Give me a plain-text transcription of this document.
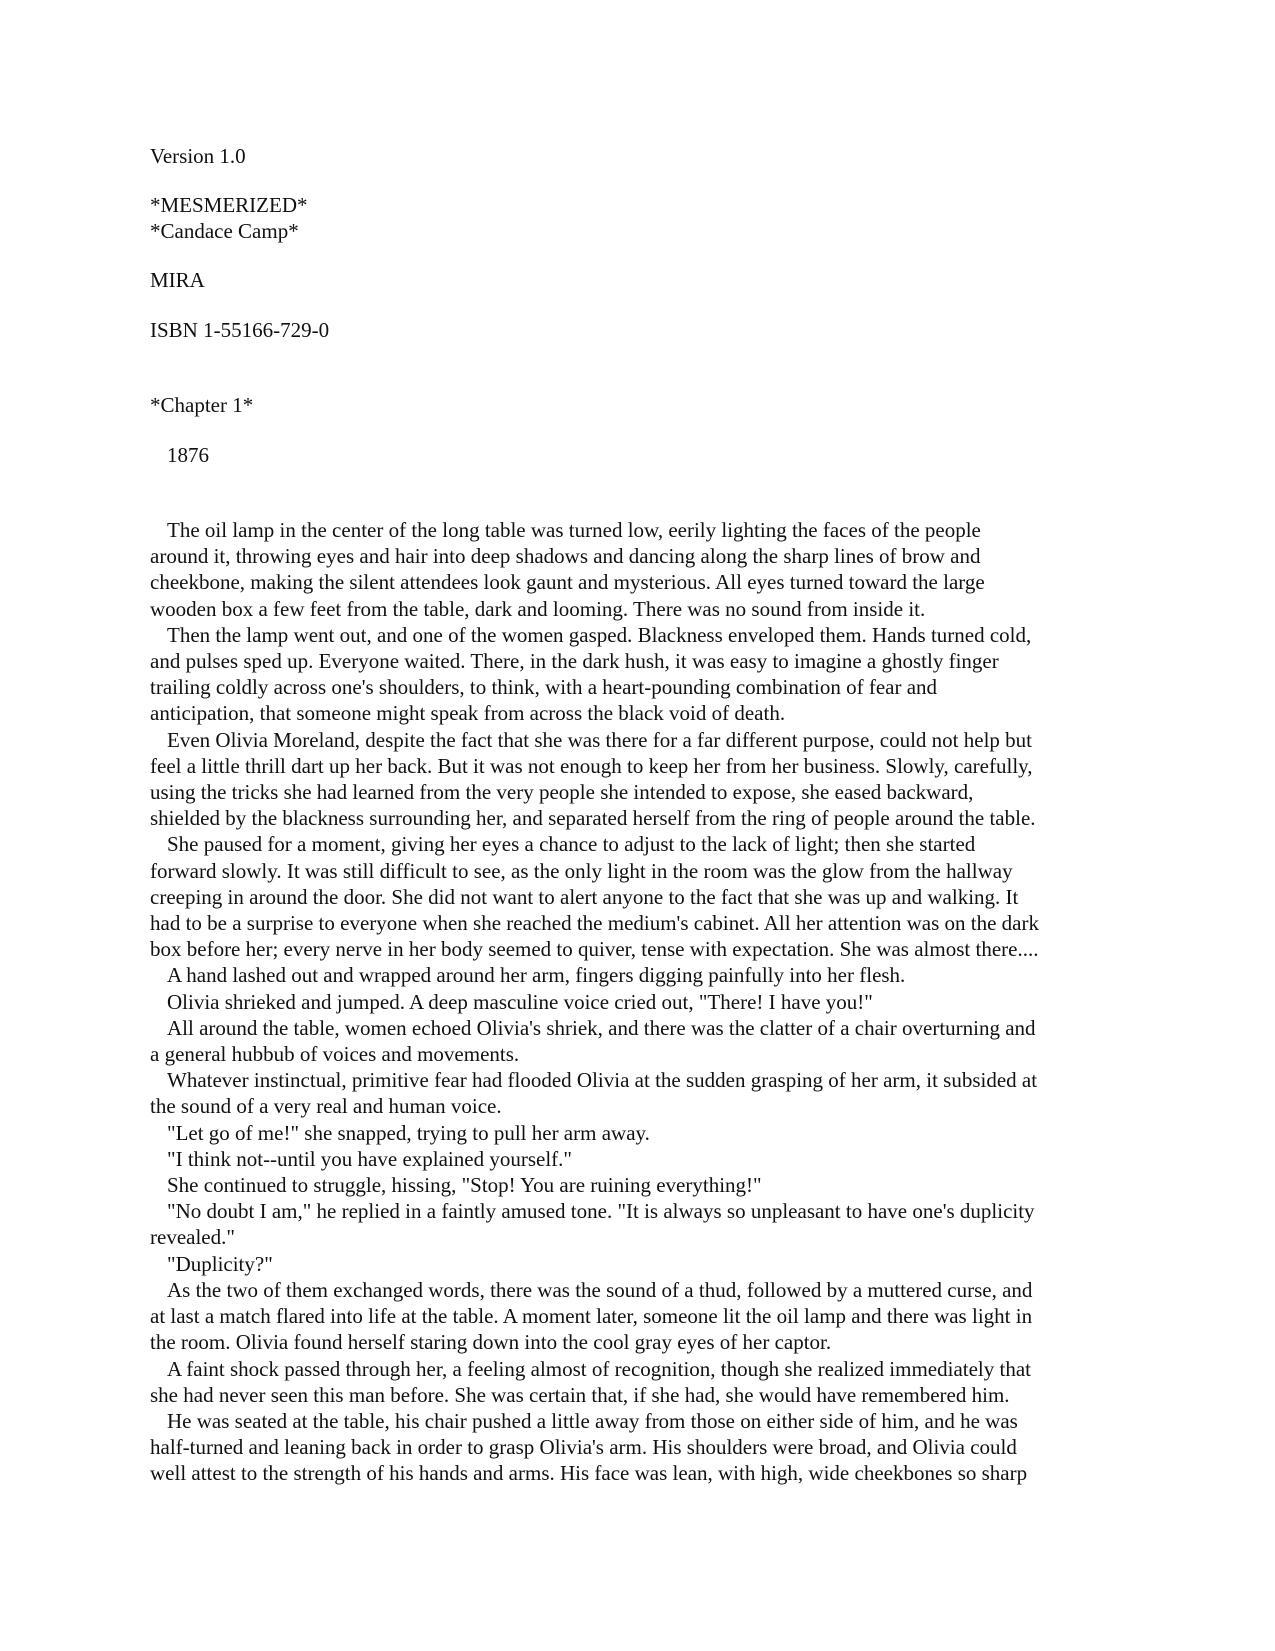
Version 1.0

*MESMERIZED*

*Candace Camp*

MIRA

ISBN 1-55166-729-0

*Chapter 1*

1876

The oil lamp in the center of the long table was turned low, eerily lighting the faces of the people
around it, throwing eyes and hair into deep shadows and dancing along the sharp lines of brow and
cheekbone, making the silent attendees look gaunt and mysterious. All eyes turned toward the large
wooden box a few feet from the table, dark and looming. There was no sound from inside it.

Then the lamp went out, and one of the women gasped. Blackness enveloped them. Hands turned cold,
and pulses sped up. Everyone waited. There, in the dark hush, it was easy to imagine a ghostly finger
trailing coldly across one's shoulders, to think, with a heart-pounding combination of fear and
anticipation, that someone might speak from across the black void of death.

Even Olivia Moreland, despite the fact that she was there for a far different purpose, could not help but
feel a little thrill dart up her back. But it was not enough to keep her from her business. Slowly, carefully,
using the tricks she had learned from the very people she intended to expose, she eased backward,
shielded by the blackness surrounding her, and separated herself from the ring of people around the table.

She paused for a moment, giving her eyes a chance to adjust to the lack of light; then she started
forward slowly. It was still difficult to see, as the only light in the room was the glow from the hallway
creeping in around the door. She did not want to alert anyone to the fact that she was up and walking. It
had to be a surprise to everyone when she reached the medium's cabinet. All her attention was on the dark
box before her; every nerve in her body seemed to quiver, tense with expectation. She was almost there....

A hand lashed out and wrapped around her arm, fingers digging painfully into her flesh.

Olivia shrieked and jumped. A deep masculine voice cried out, "There! I have you!"

All around the table, women echoed Olivia's shriek, and there was the clatter of a chair overturning and
a general hubbub of voices and movements.

Whatever instinctual, primitive fear had flooded Olivia at the sudden grasping of her arm, it subsided at
the sound of a very real and human voice.

"Let go of me!" she snapped, trying to pull her arm away.

"I think not--until you have explained yourself."

She continued to struggle, hissing, "Stop! You are ruining everything!"

"No doubt I am," he replied in a faintly amused tone. "It is always so unpleasant to have one's duplicity
revealed."

"Duplicity?"

As the two of them exchanged words, there was the sound of a thud, followed by a muttered curse, and
at last a match flared into life at the table. A moment later, someone lit the oil lamp and there was light in
the room. Olivia found herself staring down into the cool gray eyes of her captor.

A faint shock passed through her, a feeling almost of recognition, though she realized immediately that
she had never seen this man before. She was certain that, if she had, she would have remembered him.

He was seated at the table, his chair pushed a little away from those on either side of him, and he was
half-turned and leaning back in order to grasp Olivia's arm. His shoulders were broad, and Olivia could
well attest to the strength of his hands and arms. His face was lean, with high, wide cheekbones so sharp
